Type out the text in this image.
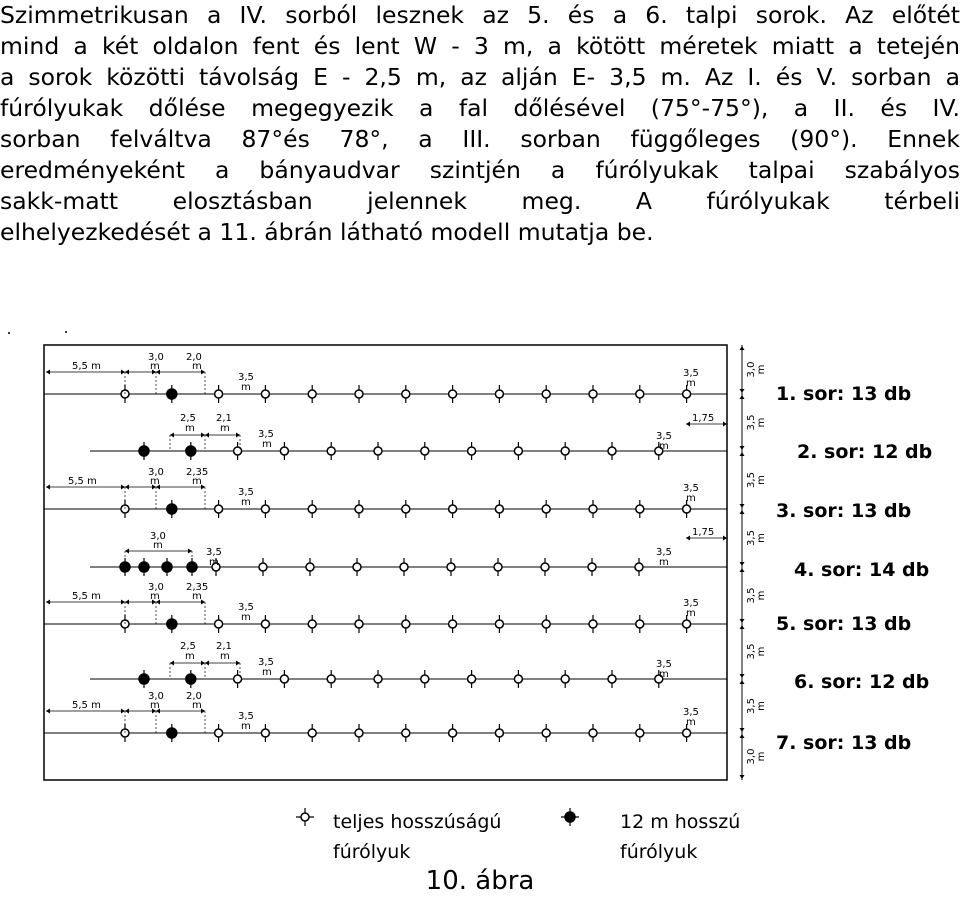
Szimmetrikusan a IV. sorból lesznek az 5. és a 6. talpi sorok. Az előtét
mind a két oldalon fent és lent W - 3 m, a kötött méretek miatt a tetején
a sorok közötti távolság E - 2,5 m, az alján E- 3,5 m. Az I. és V. sorban a
fúrólyukak dőlése megegyezik a fal dőlésével (75°-75°), a II. és IV.
sorban felváltva 87°és 78°, a III. sorban függőleges (90°). Ennek
eredményeként a bányaudvar szintjén a fúrólyukak talpai szabályos
sakk-matt elosztásban jelennek meg. A fúrólyukak térbeli
elhelyezkedését a 11. ábrán látható modell mutatja be.
5,5 m
3,0
m
2,0
m
3,5
m
5,5 m
3,0
m
2,35
m
3,5
m
5,5 m
3,0
m
2,35
m
3,5
m
5,5 m
3,0
m
2,0
m
3,5
m
2,5
m
2,1
m
3,5
m
2,5
m
2,1
m
3,5
m
3,0
m
3,5
m
3,5
m
3,5
m
3,5
m
3,5
m
3,5
m
3,5
m
3,5
m
1,75
1,75
3,0m
3,5m
3,5m
3,5m
3,5m
3,5m
3,5m
3,0m
1. sor: 13 db
2. sor: 12 db
3. sor: 13 db
4. sor: 14 db
5. sor: 13 db
6. sor: 12 db
7. sor: 13 db
teljes hosszúságú
fúrólyuk
12 m hosszú
fúrólyuk
10. ábra
